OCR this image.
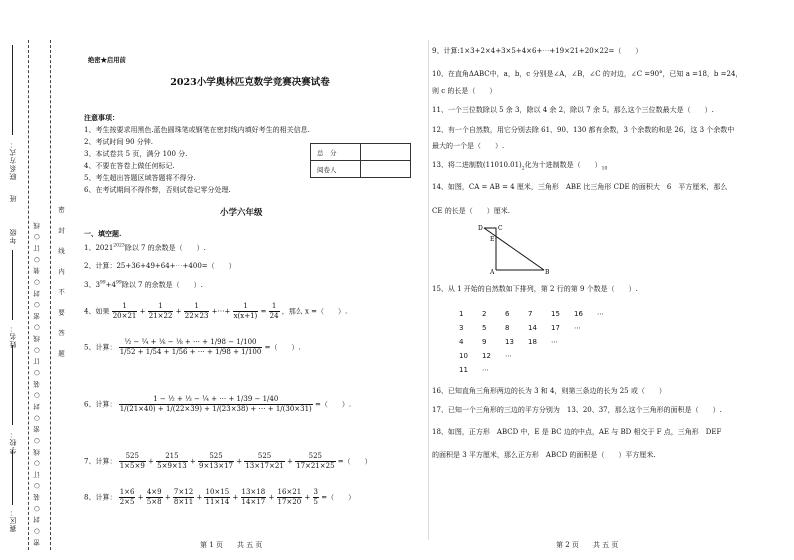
密 ○ 封 ○ 装 ○ 订 ○ 线 ○ 密 ○ 封 ○ 装 ○ 订 ○ 线 ○ 密 ○ 封 ○ 装 ○ 订 ○ 线
联系方式：
班
年级
姓名：
学校：
赛区：
密 封 线 内 不 要 答 题
绝密★启用前
2023小学奥林匹克数学竞赛决赛试卷
注意事项：
1、考生按要求用黑色.蓝色圆珠笔或钢笔在密封线内填好考生的相关信息.
2、考试时间 90 分钟.
3、本试卷共 5 页，满分 100 分.
4、不要在答卷上做任何标记.
5、考生超出答题区域答题将不得分.
6、在考试期间不得作弊，否则试卷记零分处理.
总　分	
阅卷人	
小学六年级
一、填空题.
1、$2021^{2023}$除以 7 的余数是（　　）.
2、计算：25+36+49+64+⋯+400=（　　）
3、$3^{99}+4^{99}$除以 7 的余数是（　　）.
4、如果 $\frac{1}{20\times 21} + \frac{1}{21\times 22} + \frac{1}{22\times 23}$ +⋯+ $\frac{1}{x(x+1)} = \frac{1}{24}$ ，那么 x =（　　）.
5、计算： $\frac{\text{½ − ¼ + ⅙ − ⅛ + ⋯ + 1/98 − 1/100}}{1/52 + 1/54 + 1/56 + \cdots + 1/98 + 1/100}$ =（　　）.
6、计算： $\frac{\text{1 − ½ + ⅓ − ¼ + ⋯ + 1/39 − 1/40}}{1/(21\times 40) + 1/(22\times 39) + 1/(23\times 38) + \cdots + 1/(30\times 31)}$ =（　　）.
7、计算： $\frac{525}{1\times 5\times 9} + \frac{215}{5\times 9\times 13} + \frac{525}{9\times 13\times 17} + \frac{525}{13\times 17\times 21} + \frac{525}{17\times 21\times 25}$ =（　　）
8、计算： $\frac{1\times 6}{2\times 5} + \frac{4\times 9}{5\times 8} + \frac{7\times 12}{8\times 11} + \frac{10\times 15}{11\times 14} + \frac{13\times 18}{14\times 17} + \frac{16\times 21}{17\times 20} + \frac{3}{5}$ =（　　）
第 1 页　　 共 五 页
9、计算:1×3+2×4+3×5+4×6+⋯+19×21+20×22=（　　）
10、在直角ΔABC中，a，b，c 分别是∠A，∠B，∠C 的对边，∠C =90°，已知 a =18，b =24，
则 c 的长是（　　）
11、一个三位数除以 5 余 3，除以 4 余 2，除以 7 余 5。那么这个三位数最大是（　　）.
12、有一个自然数，用它分别去除 61、90、130 都有余数，3 个余数的和是 26，这 3 个余数中
最大的一个是（　　）.
13、将二进制数$(11010.01)_2$化为十进制数是（　　）$_{10}$
14、如图，CA = AB = 4 厘米，三角形　ABE 比三角形 CDE 的面积大　6　平方厘米，那么
CE 的长是（　　）厘米.
D	C
E
A	B
15、从 1 开始的自然数如下排列，第 2 行的第 9 个数是（　　）.
1	2	6	7	15	16	⋯
3	5	8	14	17	⋯	
4	9	13	18	⋯		
10	12	⋯				
11	⋯					
16、已知直角三角形两边的长为 3 和 4，则第三条边的长为 25 或（　　）
17、已知一个三角形的三边的平方分别为　13、20、37，那么这个三角形的面积是（　　）.
18、如图，正方形　ABCD 中，E 是 BC 边的中点，AE 与 BD 相交于 F 点，三角形　DEF
的面积是 3 平方厘米，那么正方形　ABCD 的面积是（　　）平方厘米.
第 2 页　　 共 五 页
